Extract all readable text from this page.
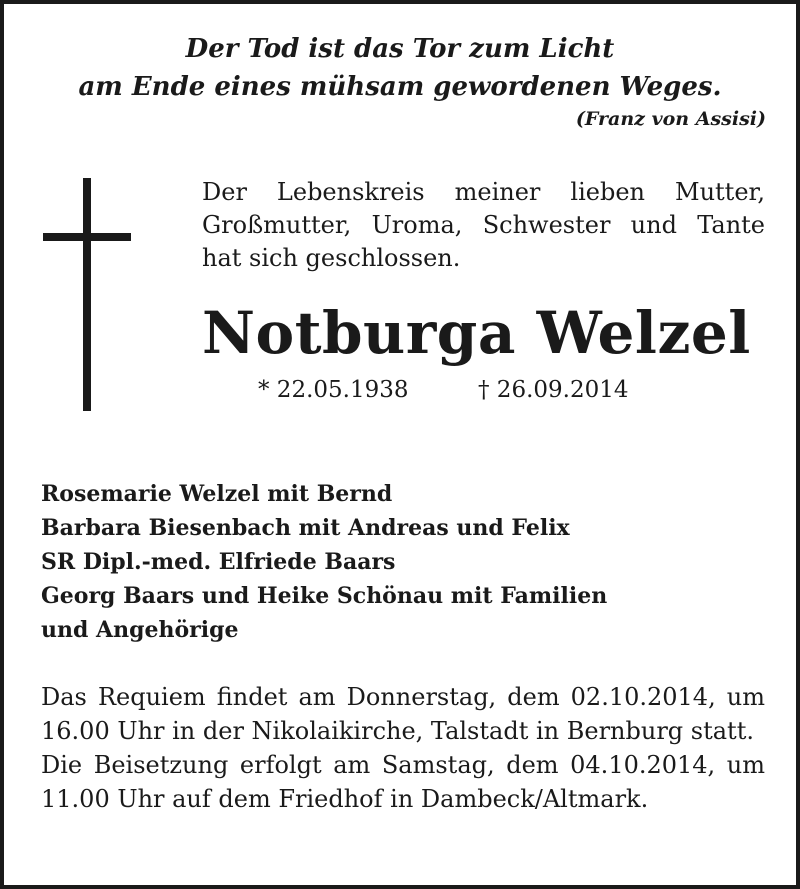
Der Tod ist das Tor zum Licht
am Ende eines mühsam gewordenen Weges.
(Franz von Assisi)
Der Lebenskreis meiner lieben Mutter,
Großmutter, Uroma, Schwester und Tante
hat sich geschlossen.
Notburga Welzel
* 22.05.1938	† 26.09.2014
Rosemarie Welzel mit Bernd
Barbara Biesenbach mit Andreas und Felix
SR Dipl.-med. Elfriede Baars
Georg Baars und Heike Schönau mit Familien
und Angehörige

Das Requiem findet am Donnerstag, dem 02.10.2014, um 16.00 Uhr in der Nikolaikirche, Talstadt in Bernburg statt.

Die Beisetzung erfolgt am Samstag, dem 04.10.2014, um 11.00 Uhr auf dem Friedhof in Dambeck/Altmark.
